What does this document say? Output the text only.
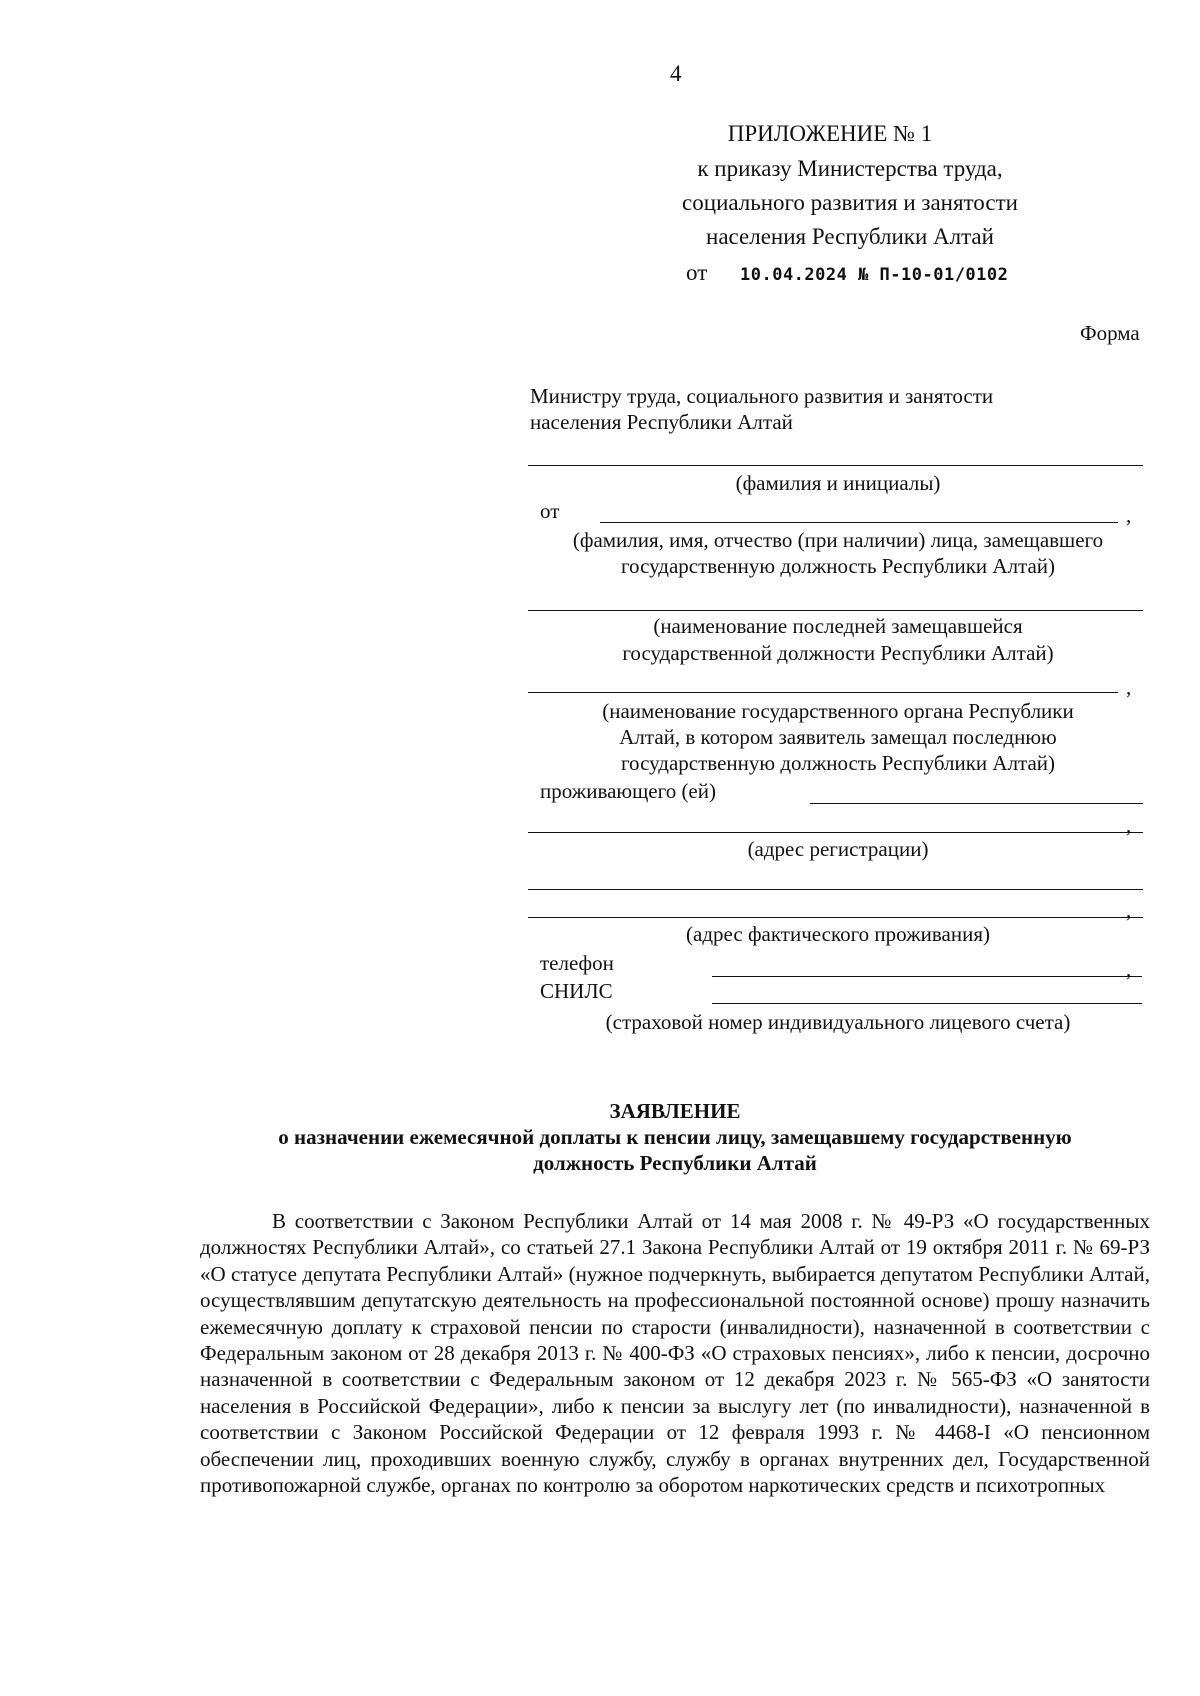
4
ПРИЛОЖЕНИЕ № 1
к приказу Министерства труда,
социального развития и занятости
населения Республики Алтай
от 10.04.2024 № П-10-01/0102
Форма
Министру труда, социального развития и занятости
населения Республики Алтай
(фамилия и инициалы)
от	,
(фамилия, имя, отчество (при наличии) лица, замещавшего
государственную должность Республики Алтай)
(наименование последней замещавшейся
государственной должности Республики Алтай)
,
(наименование государственного органа Республики
Алтай, в котором заявитель замещал последнюю
государственную должность Республики Алтай)
проживающего (ей)
,
(адрес регистрации)
,
(адрес фактического проживания)
телефон	,
СНИЛС
(страховой номер индивидуального лицевого счета)
ЗАЯВЛЕНИЕ
о назначении ежемесячной доплаты к пенсии лицу, замещавшему государственную
должность Республики Алтай

В соответствии с Законом Республики Алтай от 14 мая 2008 г. № 49-РЗ «О государственных должностях Республики Алтай», со статьей 27.1 Закона Республики Алтай от 19 октября 2011 г. № 69-РЗ «О статусе депутата Республики Алтай» (нужное подчеркнуть, выбирается депутатом Республики Алтай, осуществлявшим депутатскую деятельность на профессиональной постоянной основе) прошу назначить ежемесячную доплату к страховой пенсии по старости (инвалидности), назначенной в соответствии с Федеральным законом от 28 декабря 2013 г. № 400-ФЗ «О страховых пенсиях», либо к пенсии, досрочно назначенной в соответствии с Федеральным законом от 12 декабря 2023 г. № 565-ФЗ «О занятости населения в Российской Федерации», либо к пенсии за выслугу лет (по инвалидности), назначенной в соответствии с Законом Российской Федерации от 12 февраля 1993 г. № 4468-I «О пенсионном обеспечении лиц, проходивших военную службу, службу в органах внутренних дел, Государственной противопожарной службе, органах по контролю за оборотом наркотических средств и психотропных
